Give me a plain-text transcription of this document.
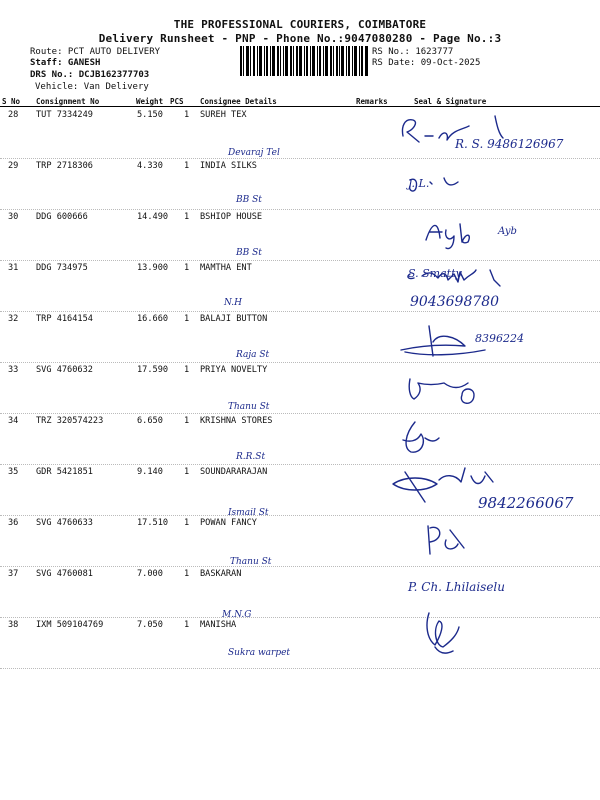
THE PROFESSIONAL COURIERS, COIMBATORE
Delivery Runsheet - PNP - Phone No.:9047080280 - Page No.:3
Route: PCT AUTO DELIVERY
Staff: GANESH
DRS No.: DCJB162377703
Vehicle: Van Delivery
RS No.: 1623777
RS Date: 09-Oct-2025
S No Consignment No	Weight PCS Consignee Details	Remarks	Seal & Signature
28 TUT 7334249	5.150 1 SUREH TEX
Devaraj Tel
29 TRP 2718306	4.330 1 INDIA SILKS
BB St
30 DDG 600666	14.490 1 BSHIOP HOUSE
BB St
31 DDG 734975	13.900 1 MAMTHA ENT
N.H
32 TRP 4164154	16.660 1 BALAJI BUTTON
Raja St
33 SVG 4760632	17.590 1 PRIYA NOVELTY
Thanu St
34 TRZ 320574223	6.650 1 KRISHNA STORES
R.R.St
35 GDR 5421851	9.140 1 SOUNDARARAJAN
Ismail St
36 SVG 4760633	17.510 1 POWAN FANCY
Thanu St
37 SVG 4760081	7.000 1 BASKARAN
M.N.G
38 IXM 509104769	7.050 1 MANISHA
Sukra warpet
R. S. 9486126967
J. L.
Ayb
S. Smatty
9043698780
8396224
9842266067
P. Ch. Lhilaiselu
